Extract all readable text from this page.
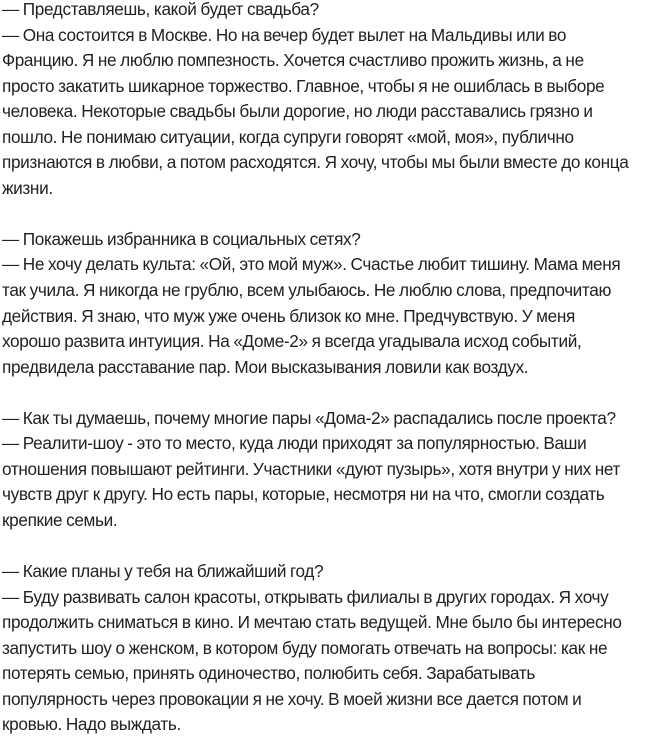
— Представляешь, какой будет свадьба?
— Она состоится в Москве. Но на вечер будет вылет на Мальдивы или во
Францию. Я не люблю помпезность. Хочется счастливо прожить жизнь, а не
просто закатить шикарное торжество. Главное, чтобы я не ошиблась в выборе
человека. Некоторые свадьбы были дорогие, но люди расставались грязно и
пошло. Не понимаю ситуации, когда супруги говорят «мой, моя», публично
признаются в любви, а потом расходятся. Я хочу, чтобы мы были вместе до конца
жизни.
— Покажешь избранника в социальных сетях?
— Не хочу делать культа: «Ой, это мой муж». Счастье любит тишину. Мама меня
так учила. Я никогда не грублю, всем улыбаюсь. Не люблю слова, предпочитаю
действия. Я знаю, что муж уже очень близок ко мне. Предчувствую. У меня
хорошо развита интуиция. На «Доме-2» я всегда угадывала исход событий,
предвидела расставание пар. Мои высказывания ловили как воздух.
— Как ты думаешь, почему многие пары «Дома-2» распадались после проекта?
— Реалити-шоу - это то место, куда люди приходят за популярностью. Ваши
отношения повышают рейтинги. Участники «дуют пузырь», хотя внутри у них нет
чувств друг к другу. Но есть пары, которые, несмотря ни на что, смогли создать
крепкие семьи.
— Какие планы у тебя на ближайший год?
— Буду развивать салон красоты, открывать филиалы в других городах. Я хочу
продолжить сниматься в кино. И мечтаю стать ведущей. Мне было бы интересно
запустить шоу о женском, в котором буду помогать отвечать на вопросы: как не
потерять семью, принять одиночество, полюбить себя. Зарабатывать
популярность через провокации я не хочу. В моей жизни все дается потом и
кровью. Надо выждать.
